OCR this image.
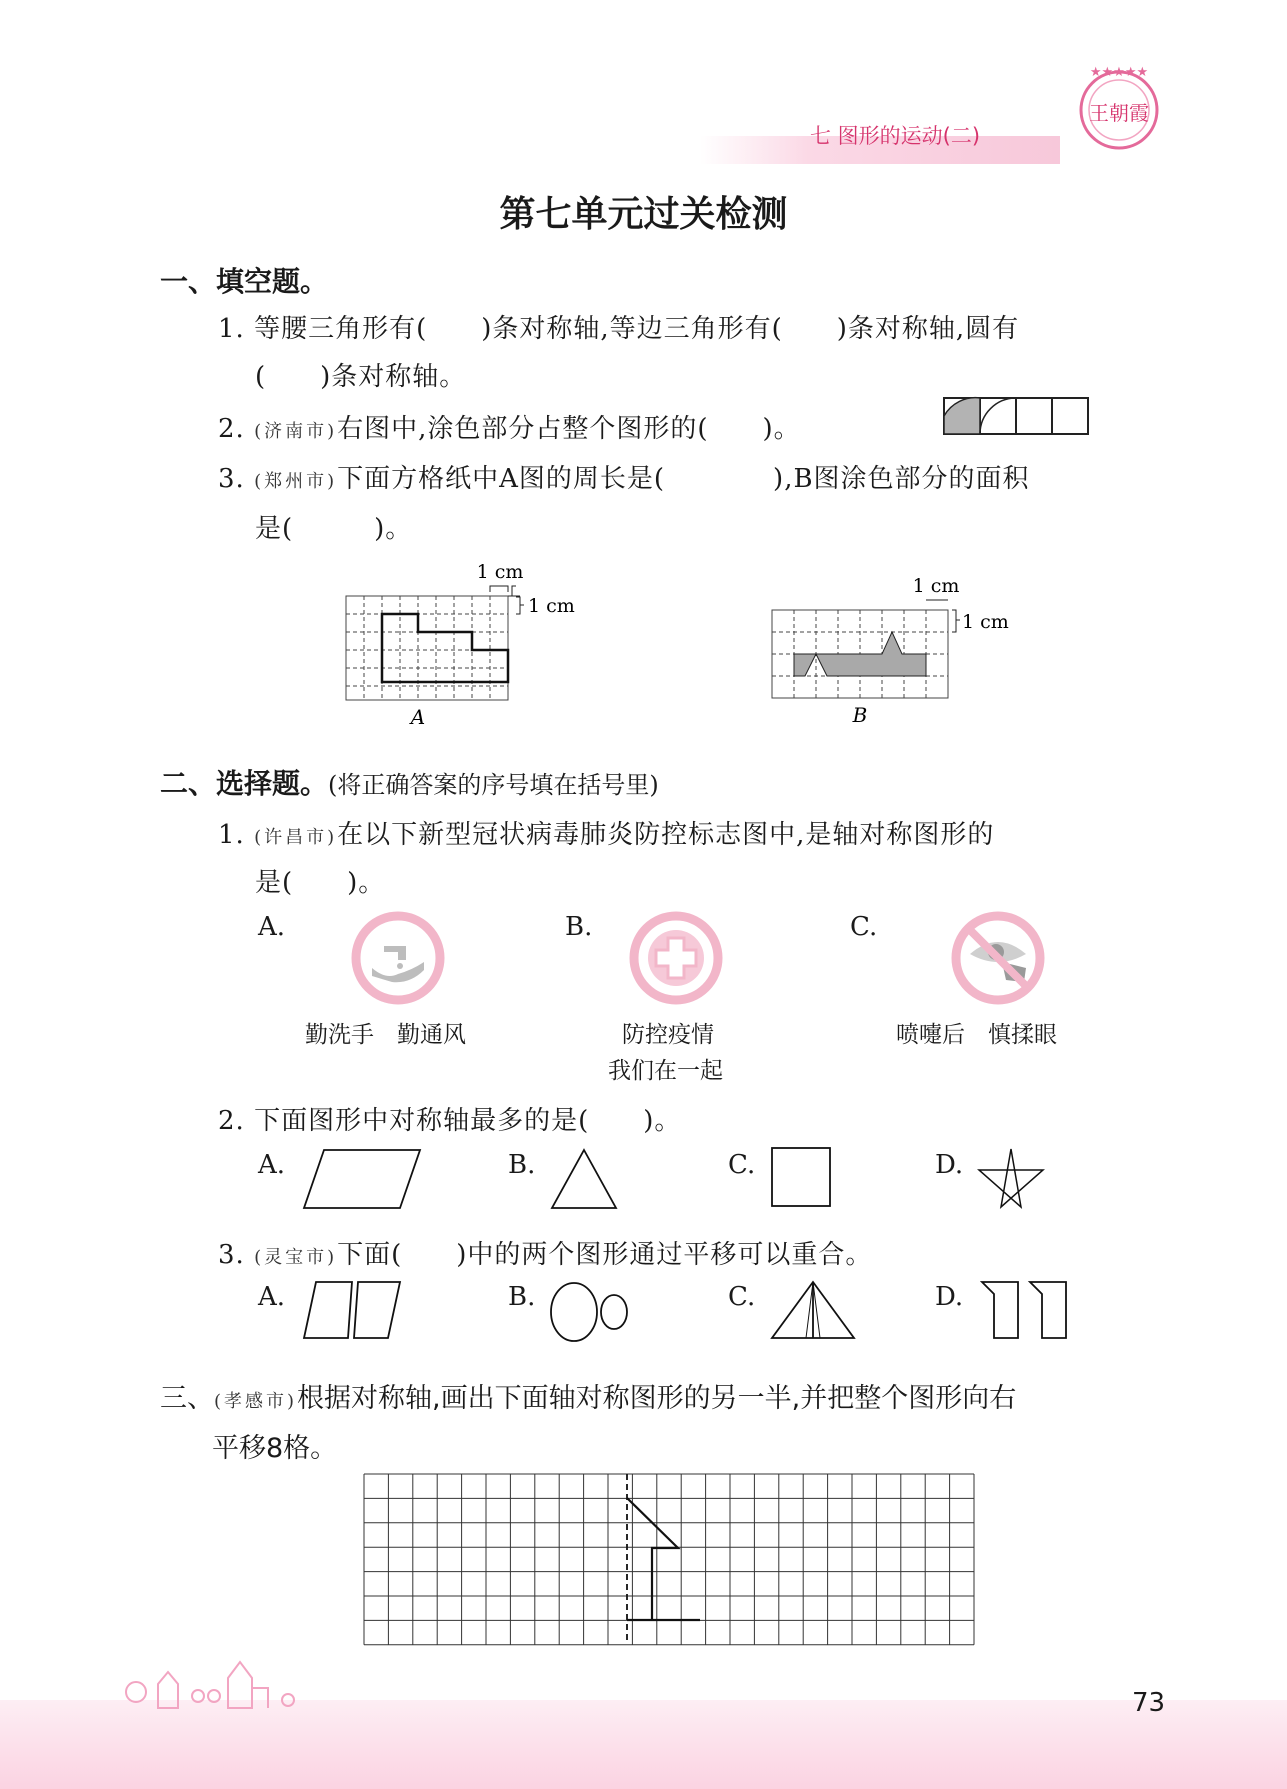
七 图形的运动(二)
★★★★★
王朝霞
第七单元过关检测
一、填空题。
1. 等腰三角形有(　　)条对称轴,等边三角形有(　　)条对称轴,圆有
(　　)条对称轴。
2. (济南市)右图中,涂色部分占整个图形的(　　)。
3. (郑州市)下面方格纸中A图的周长是(　　　　),B图涂色部分的面积
是(　　　)。
1 cm
1 cm
A
1 cm
1 cm
B
二、选择题。(将正确答案的序号填在括号里)
1. (许昌市)在以下新型冠状病毒肺炎防控标志图中,是轴对称图形的
是(　　)。
A.
勤洗手　勤通风
B.
防控疫情
我们在一起
C.
喷嚏后　慎揉眼
2. 下面图形中对称轴最多的是(　　)。
A.	B.	C.	D.
3. (灵宝市)下面(　　)中的两个图形通过平移可以重合。
A.	B.	C.	D.
三、(孝感市)根据对称轴,画出下面轴对称图形的另一半,并把整个图形向右
平移8格。
73
